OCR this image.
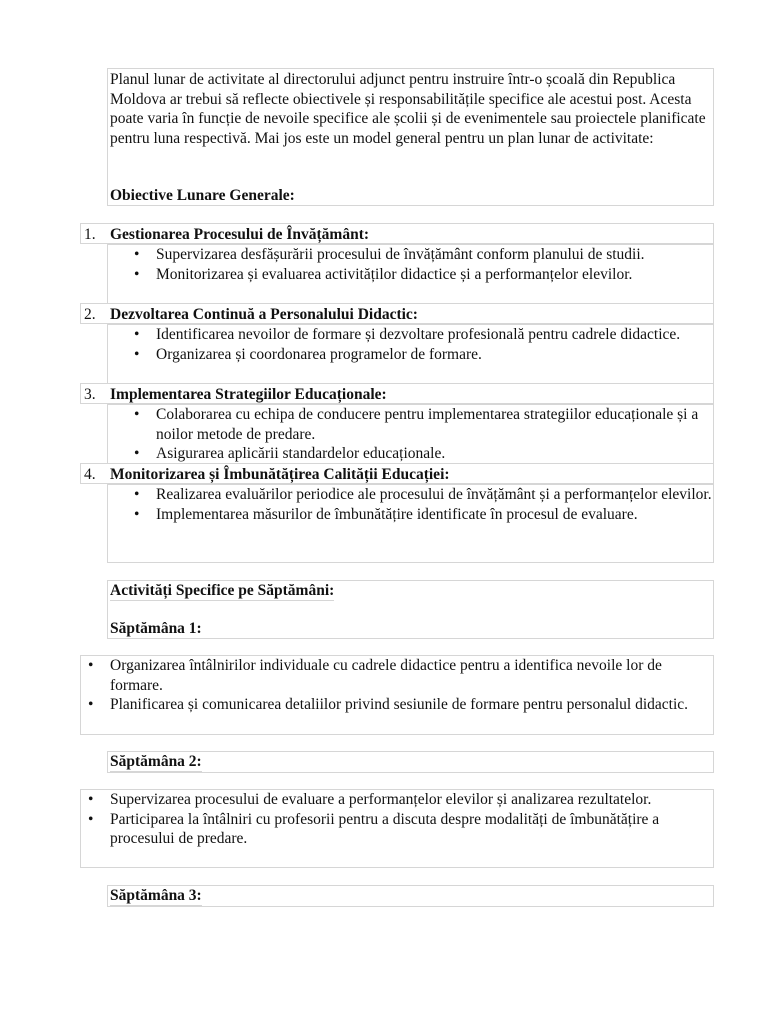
Planul lunar de activitate al directorului adjunct pentru instruire într-o școală din Republica Moldova ar trebui să reflecte obiectivele și responsabilitățile specifice ale acestui post. Acesta poate varia în funcție de nevoile specifice ale școlii și de evenimentele sau proiectele planificate pentru luna respectivă. Mai jos este un model general pentru un plan lunar de activitate:

Obiective Lunare Generale:
1. Gestionarea Procesului de Învățământ:
• Supervizarea desfășurării procesului de învățământ conform planului de studii.
• Monitorizarea și evaluarea activităților didactice și a performanțelor elevilor.
2. Dezvoltarea Continuă a Personalului Didactic:
• Identificarea nevoilor de formare și dezvoltare profesională pentru cadrele didactice.
• Organizarea și coordonarea programelor de formare.
3. Implementarea Strategiilor Educaționale:
• Colaborarea cu echipa de conducere pentru implementarea strategiilor educaționale și a noilor metode de predare.
• Asigurarea aplicării standardelor educaționale.
4. Monitorizarea și Îmbunătățirea Calității Educației:
• Realizarea evaluărilor periodice ale procesului de învățământ și a performanțelor elevilor.
• Implementarea măsurilor de îmbunătățire identificate în procesul de evaluare.
Activități Specifice pe Săptămâni:
Săptămâna 1:
• Organizarea întâlnirilor individuale cu cadrele didactice pentru a identifica nevoile lor de formare.
• Planificarea și comunicarea detaliilor privind sesiunile de formare pentru personalul didactic.
Săptămâna 2:
• Supervizarea procesului de evaluare a performanțelor elevilor și analizarea rezultatelor.
• Participarea la întâlniri cu profesorii pentru a discuta despre modalități de îmbunătățire a procesului de predare.
Săptămâna 3:
